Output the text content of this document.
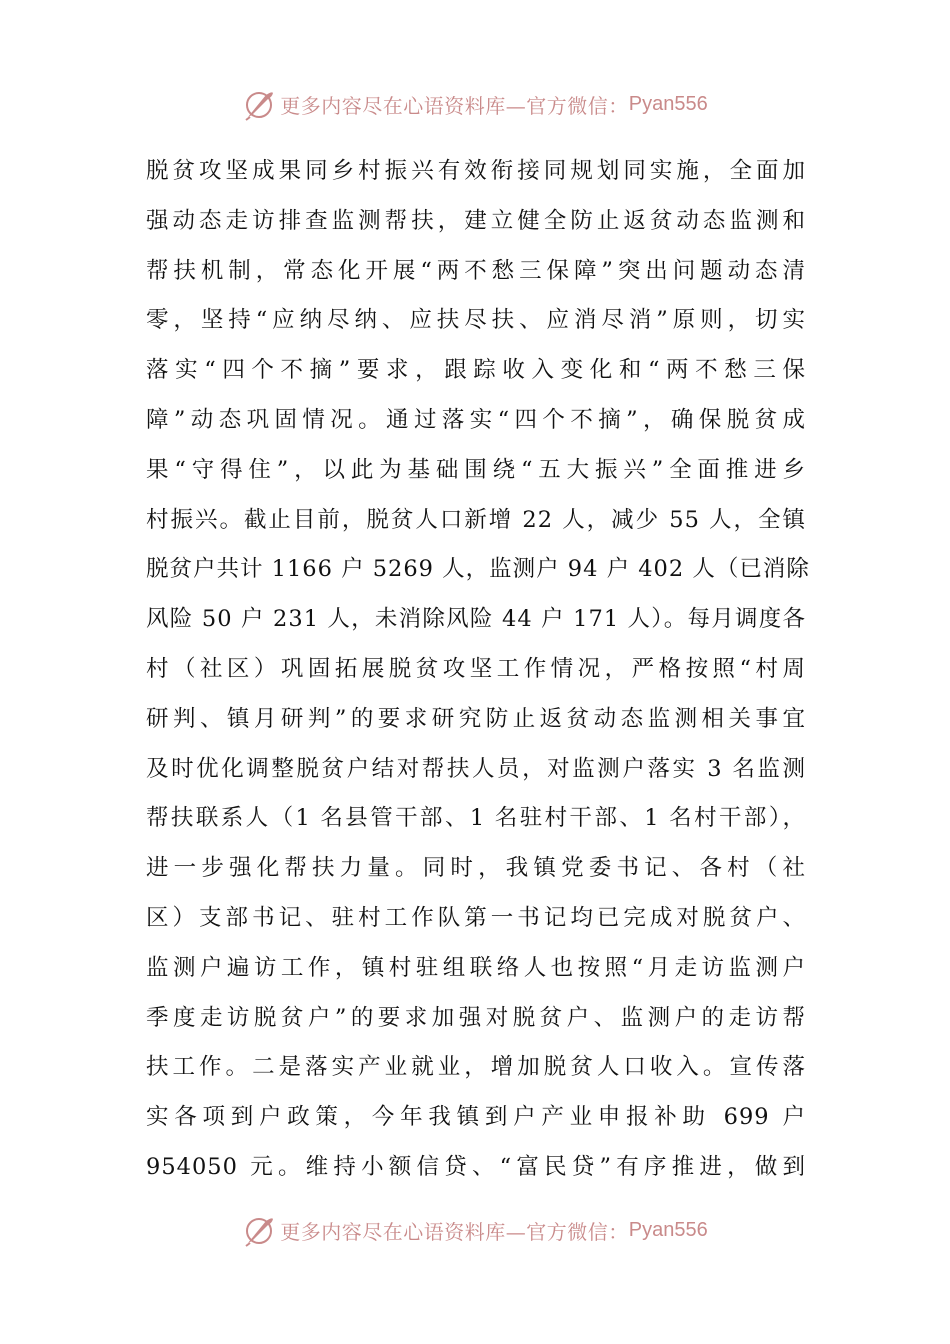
更多内容尽在心语资料库—官方微信： Pyan556
脱贫攻坚成果同乡村振兴有效衔接同规划同实施，全面加
强动态走访排查监测帮扶，建立健全防止返贫动态监测和
帮扶机制，常态化开展“两不愁三保障”突出问题动态清
零，坚持“应纳尽纳、应扶尽扶、应消尽消”原则，切实
落实“四个不摘”要求，跟踪收入变化和“两不愁三保
障”动态巩固情况。通过落实“四个不摘”，确保脱贫成
果“守得住”，以此为基础围绕“五大振兴”全面推进乡
村振兴。截止目前，脱贫人口新增 22 人，减少 55 人，全镇
脱贫户共计 1166 户 5269 人，监测户 94 户 402 人（已消除
风险 50 户 231 人，未消除风险 44 户 171 人）。每月调度各
村（社区）巩固拓展脱贫攻坚工作情况，严格按照“村周
研判、镇月研判”的要求研究防止返贫动态监测相关事宜
及时优化调整脱贫户结对帮扶人员，对监测户落实 3 名监测
帮扶联系人（1 名县管干部、1 名驻村干部、1 名村干部），
进一步强化帮扶力量。同时，我镇党委书记、各村（社
区）支部书记、驻村工作队第一书记均已完成对脱贫户、
监测户遍访工作，镇村驻组联络人也按照“月走访监测户
季度走访脱贫户”的要求加强对脱贫户、监测户的走访帮
扶工作。二是落实产业就业，增加脱贫人口收入。宣传落
实各项到户政策，今年我镇到户产业申报补助 699 户
954050 元。维持小额信贷、“富民贷”有序推进，做到
更多内容尽在心语资料库—官方微信： Pyan556
